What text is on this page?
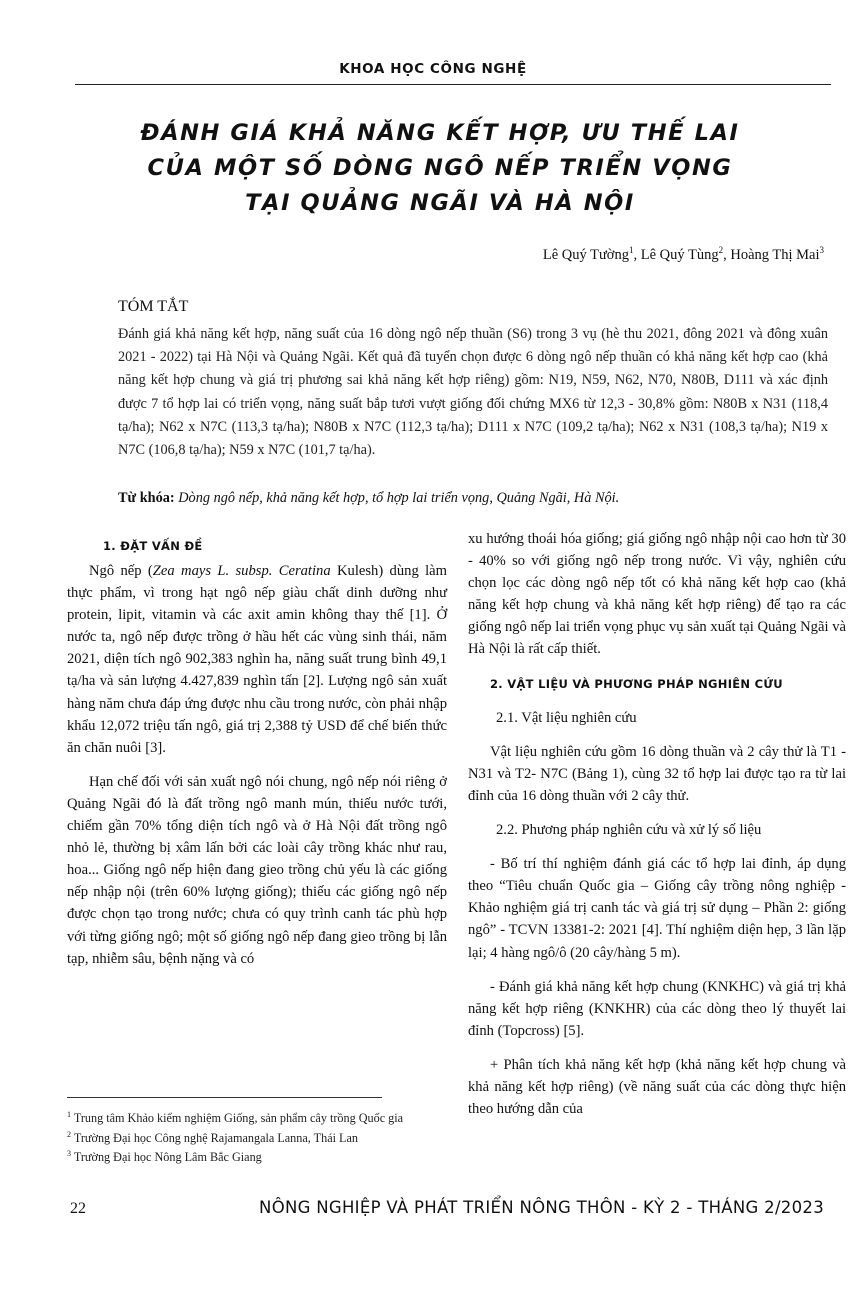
KHOA HỌC CÔNG NGHỆ
ĐÁNH GIÁ KHẢ NĂNG KẾT HỢP, ƯU THẾ LAI
CỦA MỘT SỐ DÒNG NGÔ NẾP TRIỂN VỌNG
TẠI QUẢNG NGÃI VÀ HÀ NỘI
Lê Quý Tường$^1$, Lê Quý Tùng$^2$, Hoàng Thị Mai$^3$
TÓM TẮT

Đánh giá khả năng kết hợp, năng suất của 16 dòng ngô nếp thuần (S6) trong 3 vụ (hè thu 2021, đông 2021 và đông xuân 2021 - 2022) tại Hà Nội và Quảng Ngãi. Kết quả đã tuyển chọn được 6 dòng ngô nếp thuần có khả năng kết hợp cao (khả năng kết hợp chung và giá trị phương sai khả năng kết hợp riêng) gồm: N19, N59, N62, N70, N80B, D111 và xác định được 7 tổ hợp lai có triển vọng, năng suất bắp tươi vượt giống đối chứng MX6 từ 12,3 - 30,8% gồm: N80B x N31 (118,4 tạ/ha); N62 x N7C (113,3 tạ/ha); N80B x N7C (112,3 tạ/ha); D111 x N7C (109,2 tạ/ha); N62 x N31 (108,3 tạ/ha); N19 x N7C (106,8 tạ/ha); N59 x N7C (101,7 tạ/ha).

Từ khóa: Dòng ngô nếp, khả năng kết hợp, tổ hợp lai triển vọng, Quảng Ngãi, Hà Nội.
1. ĐẶT VẤN ĐỀ

Ngô nếp (Zea mays L. subsp. Ceratina Kulesh) dùng làm thực phẩm, vì trong hạt ngô nếp giàu chất dinh dưỡng như protein, lipit, vitamin và các axit amin không thay thế [1]. Ở nước ta, ngô nếp được trồng ở hầu hết các vùng sinh thái, năm 2021, diện tích ngô 902,383 nghìn ha, năng suất trung bình 49,1 tạ/ha và sản lượng 4.427,839 nghìn tấn [2]. Lượng ngô sản xuất hàng năm chưa đáp ứng được nhu cầu trong nước, còn phải nhập khẩu 12,072 triệu tấn ngô, giá trị 2,388 tỷ USD để chế biến thức ăn chăn nuôi [3].

Hạn chế đối với sản xuất ngô nói chung, ngô nếp nói riêng ở Quảng Ngãi đó là đất trồng ngô manh mún, thiếu nước tưới, chiếm gần 70% tổng diện tích ngô và ở Hà Nội đất trồng ngô nhỏ lẻ, thường bị xâm lấn bởi các loài cây trồng khác như rau, hoa... Giống ngô nếp hiện đang gieo trồng chủ yếu là các giống nếp nhập nội (trên 60% lượng giống); thiếu các giống ngô nếp được chọn tạo trong nước; chưa có quy trình canh tác phù hợp với từng giống ngô; một số giống ngô nếp đang gieo trồng bị lẫn tạp, nhiễm sâu, bệnh nặng và có

xu hướng thoái hóa giống; giá giống ngô nhập nội cao hơn từ 30 - 40% so với giống ngô nếp trong nước. Vì vậy, nghiên cứu chọn lọc các dòng ngô nếp tốt có khả năng kết hợp cao (khả năng kết hợp chung và khả năng kết hợp riêng) để tạo ra các giống ngô nếp lai triển vọng phục vụ sản xuất tại Quảng Ngãi và Hà Nội là rất cấp thiết.

2. VẬT LIỆU VÀ PHƯƠNG PHÁP NGHIÊN CỨU

2.1. Vật liệu nghiên cứu

Vật liệu nghiên cứu gồm 16 dòng thuần và 2 cây thử là T1 - N31 và T2- N7C (Bảng 1), cùng 32 tổ hợp lai được tạo ra từ lai đỉnh của 16 dòng thuần với 2 cây thử.

2.2. Phương pháp nghiên cứu và xử lý số liệu

- Bố trí thí nghiệm đánh giá các tổ hợp lai đỉnh, áp dụng theo “Tiêu chuẩn Quốc gia – Giống cây trồng nông nghiệp - Khảo nghiệm giá trị canh tác và giá trị sử dụng – Phần 2: giống ngô” - TCVN 13381-2: 2021 [4]. Thí nghiệm diện hẹp, 3 lần lặp lại; 4 hàng ngô/ô (20 cây/hàng 5 m).

- Đánh giá khả năng kết hợp chung (KNKHC) và giá trị khả năng kết hợp riêng (KNKHR) của các dòng theo lý thuyết lai đỉnh (Topcross) [5].

+ Phân tích khả năng kết hợp (khả năng kết hợp chung và khả năng kết hợp riêng) (về năng suất của các dòng thực hiện theo hướng dẫn của

$^1$ Trung tâm Khảo kiểm nghiệm Giống, sản phẩm cây trồng Quốc gia
$^2$ Trường Đại học Công nghệ Rajamangala Lanna, Thái Lan
$^3$ Trường Đại học Nông Lâm Bắc Giang
22	NÔNG NGHIỆP VÀ PHÁT TRIỂN NÔNG THÔN - KỲ 2 - THÁNG 2/2023
